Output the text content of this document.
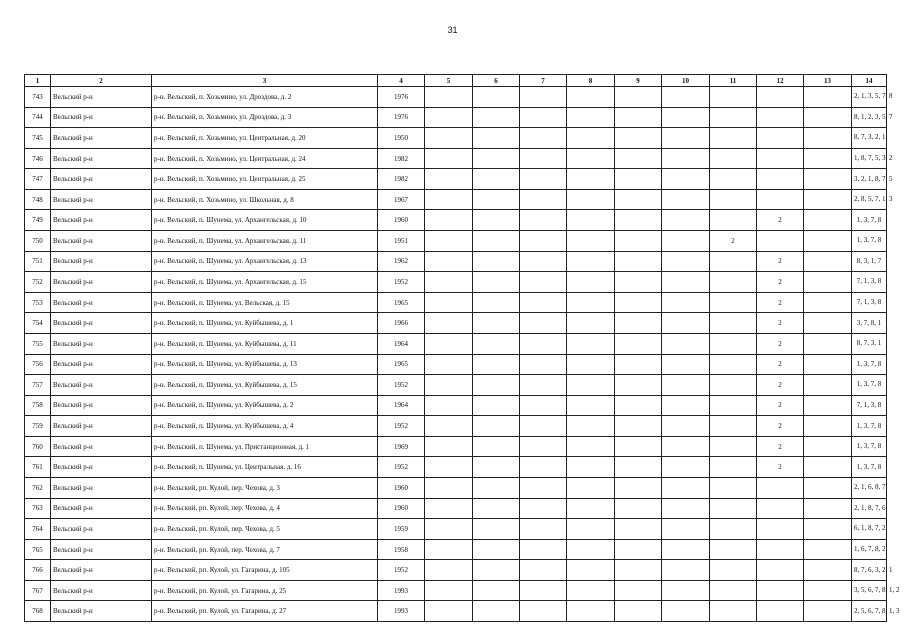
31
1	2	3	4	5	6	7	8	9	10	11	12	13	14
743	Вельский р-н	р-н. Вельский, п. Хозьмино, ул. Дроздова, д. 2	1976										2, 1, 3, 5, 7, 8
744	Вельский р-н	р-н. Вельский, п. Хозьмино, ул. Дроздова, д. 3	1976										8, 1, 2, 3, 5, 7
745	Вельский р-н	р-н. Вельский, п. Хозьмино, ул. Центральная, д. 20	1950										8, 7, 3, 2, 1
746	Вельский р-н	р-н. Вельский, п. Хозьмино, ул. Центральная, д. 24	1982										1, 8, 7, 5, 3, 2
747	Вельский р-н	р-н. Вельский, п. Хозьмино, ул. Центральная, д. 25	1982										3, 2, 1, 8, 7, 5
748	Вельский р-н	р-н. Вельский, п. Хозьмино, ул. Школьная, д. 8	1967										2, 8, 5, 7, 1, 3
749	Вельский р-н	р-н. Вельский, п. Шунема, ул. Архангельская, д. 10	1960								2		1, 3, 7, 8
750	Вельский р-н	р-н. Вельский, п. Шунема, ул. Архангельская, д. 11	1951							2			1, 3, 7, 8
751	Вельский р-н	р-н. Вельский, п. Шунема, ул. Архангельская, д. 13	1962								2		8, 3, 1, 7
752	Вельский р-н	р-н. Вельский, п. Шунема, ул. Архангельская, д. 15	1952								2		7, 1, 3, 8
753	Вельский р-н	р-н. Вельский, п. Шунема, ул. Вельская, д. 15	1965								2		7, 1, 3, 8
754	Вельский р-н	р-н. Вельский, п. Шунема, ул. Куйбышева, д. 1	1966								2		3, 7, 8, 1
755	Вельский р-н	р-н. Вельский, п. Шунема, ул. Куйбышева, д. 11	1964								2		8, 7, 3, 1
756	Вельский р-н	р-н. Вельский, п. Шунема, ул. Куйбышева, д. 13	1965								2		1, 3, 7, 8
757	Вельский р-н	р-н. Вельский, п. Шунема, ул. Куйбышева, д. 15	1952								2		1, 3, 7, 8
758	Вельский р-н	р-н. Вельский, п. Шунема, ул. Куйбышева, д. 2	1964								2		7, 1, 3, 8
759	Вельский р-н	р-н. Вельский, п. Шунема, ул. Куйбышева, д. 4	1952								2		1, 3, 7, 8
760	Вельский р-н	р-н. Вельский, п. Шунема, ул. Пристанционная, д. 1	1969								2		1, 3, 7, 8
761	Вельский р-н	р-н. Вельский, п. Шунема, ул. Центральная, д. 16	1952								2		1, 3, 7, 8
762	Вельский р-н	р-н. Вельский, рп. Кулой, пер. Чехова, д. 3	1960										2, 1, 6, 8, 7
763	Вельский р-н	р-н. Вельский, рп. Кулой, пер. Чехова, д. 4	1960										2, 1, 8, 7, 6
764	Вельский р-н	р-н. Вельский, рп. Кулой, пер. Чехова, д. 5	1959										6, 1, 8, 7, 2
765	Вельский р-н	р-н. Вельский, рп. Кулой, пер. Чехова, д. 7	1958										1, 6, 7, 8, 2
766	Вельский р-н	р-н. Вельский, рп. Кулой, ул. Гагарина, д. 105	1952										8, 7, 6, 3, 2, 1
767	Вельский р-н	р-н. Вельский, рп. Кулой, ул. Гагарина, д. 25	1993										3, 5, 6, 7, 8, 1, 2
768	Вельский р-н	р-н. Вельский, рп. Кулой, ул. Гагарина, д. 27	1993										2, 5, 6, 7, 8, 1, 3
